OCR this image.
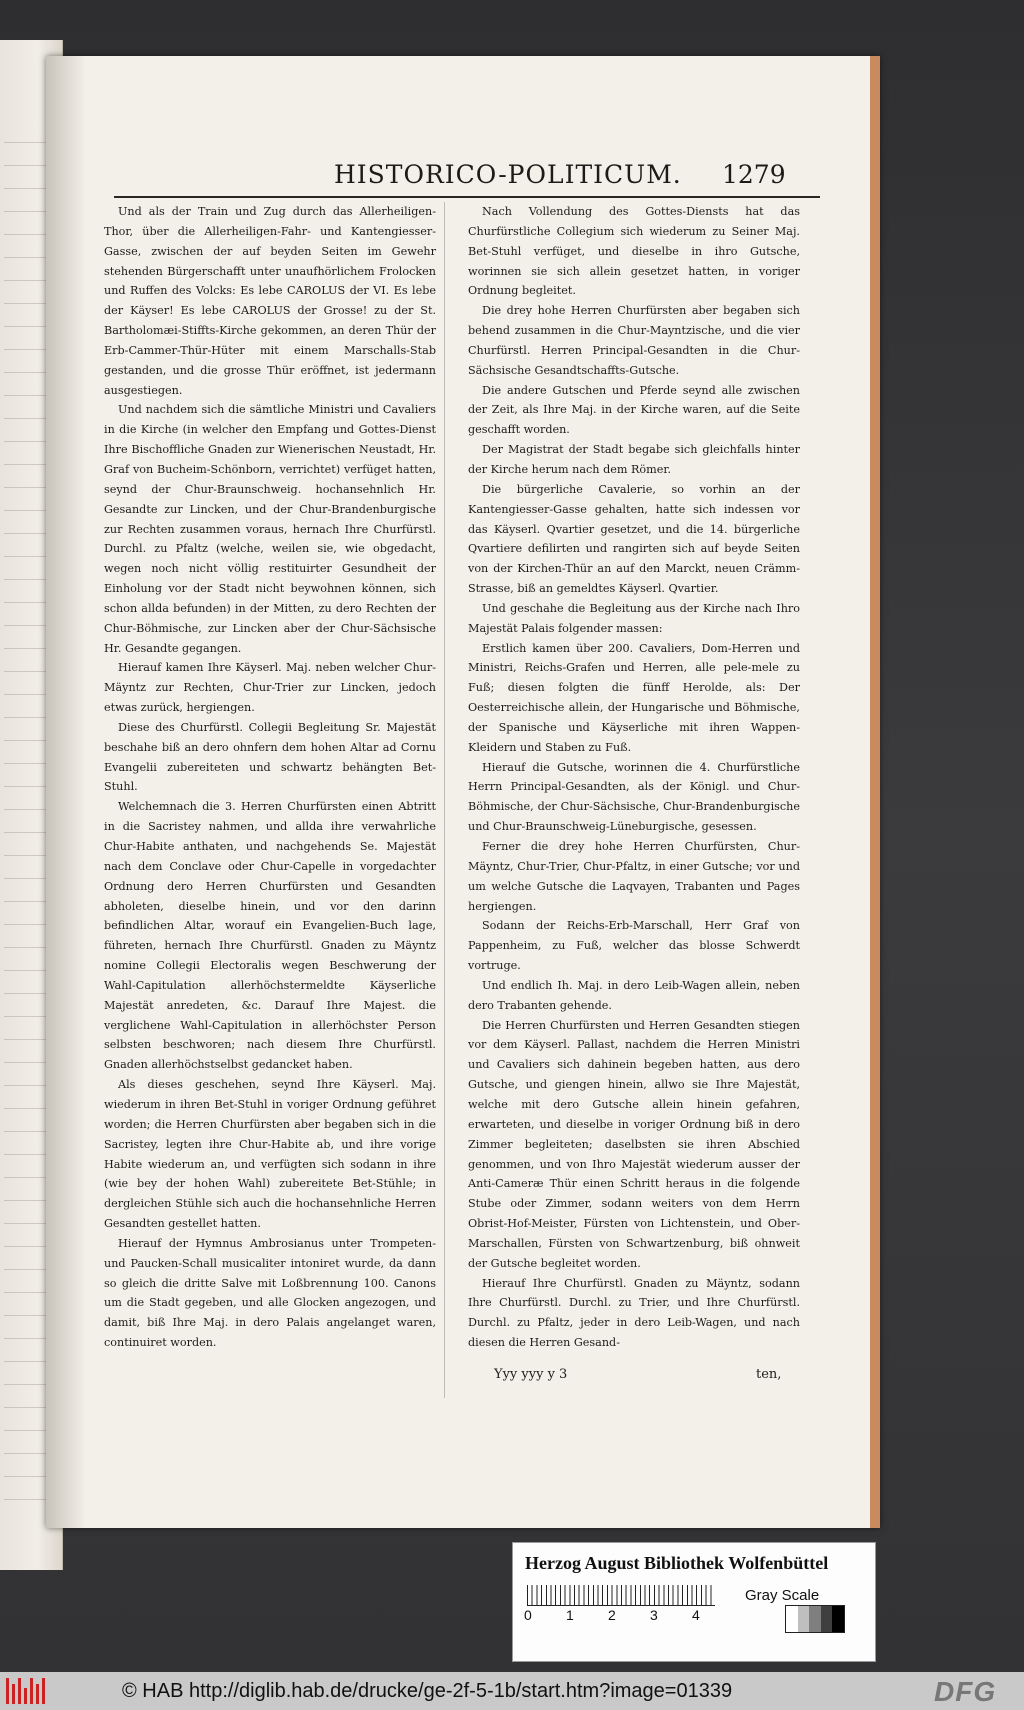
HISTORICO-POLITICUM. 1279

Und als der Train und Zug durch das Allerheiligen-Thor, über die Allerheiligen-Fahr- und Kantengiesser-Gasse, zwischen der auf beyden Seiten im Gewehr stehenden Bürgerschafft unter unaufhörlichem Frolocken und Ruffen des Volcks: Es lebe CAROLUS der VI. Es lebe der Käyser! Es lebe CAROLUS der Grosse! zu der St. Bartholomæi-Stiffts-Kirche gekommen, an deren Thür der Erb-Cammer-Thür-Hüter mit einem Marschalls-Stab gestanden, und die grosse Thür eröffnet, ist jedermann ausgestiegen.

Und nachdem sich die sämtliche Ministri und Cavaliers in die Kirche (in welcher den Empfang und Gottes-Dienst Ihre Bischoffliche Gnaden zur Wienerischen Neustadt, Hr. Graf von Bucheim-Schönborn, verrichtet) verfüget hatten, seynd der Chur-Braunschweig. hochansehnlich Hr. Gesandte zur Lincken, und der Chur-Brandenburgische zur Rechten zusammen voraus, hernach Ihre Churfürstl. Durchl. zu Pfaltz (welche, weilen sie, wie obgedacht, wegen noch nicht völlig restituirter Gesundheit der Einholung vor der Stadt nicht beywohnen können, sich schon allda befunden) in der Mitten, zu dero Rechten der Chur-Böhmische, zur Lincken aber der Chur-Sächsische Hr. Gesandte gegangen.

Hierauf kamen Ihre Käyserl. Maj. neben welcher Chur-Mäyntz zur Rechten, Chur-Trier zur Lincken, jedoch etwas zurück, hergiengen.

Diese des Churfürstl. Collegii Begleitung Sr. Majestät beschahe biß an dero ohnfern dem hohen Altar ad Cornu Evangelii zubereiteten und schwartz behängten Bet-Stuhl.

Welchemnach die 3. Herren Churfürsten einen Abtritt in die Sacristey nahmen, und allda ihre verwahrliche Chur-Habite anthaten, und nachgehends Se. Majestät nach dem Conclave oder Chur-Capelle in vorgedachter Ordnung dero Herren Churfürsten und Gesandten abholeten, dieselbe hinein, und vor den darinn befindlichen Altar, worauf ein Evangelien-Buch lage, führeten, hernach Ihre Churfürstl. Gnaden zu Mäyntz nomine Collegii Electoralis wegen Beschwerung der Wahl-Capitulation allerhöchstermeldte Käyserliche Majestät anredeten, &c. Darauf Ihre Majest. die verglichene Wahl-Capitulation in allerhöchster Person selbsten beschworen; nach diesem Ihre Churfürstl. Gnaden allerhöchstselbst gedancket haben.

Als dieses geschehen, seynd Ihre Käyserl. Maj. wiederum in ihren Bet-Stuhl in voriger Ordnung geführet worden; die Herren Churfürsten aber begaben sich in die Sacristey, legten ihre Chur-Habite ab, und ihre vorige Habite wiederum an, und verfügten sich sodann in ihre (wie bey der hohen Wahl) zubereitete Bet-Stühle; in dergleichen Stühle sich auch die hochansehnliche Herren Gesandten gestellet hatten.

Hierauf der Hymnus Ambrosianus unter Trompeten- und Paucken-Schall musicaliter intoniret wurde, da dann so gleich die dritte Salve mit Loßbrennung 100. Canons um die Stadt gegeben, und alle Glocken angezogen, und damit, biß Ihre Maj. in dero Palais angelanget waren, continuiret worden.

Nach Vollendung des Gottes-Diensts hat das Churfürstliche Collegium sich wiederum zu Seiner Maj. Bet-Stuhl verfüget, und dieselbe in ihro Gutsche, worinnen sie sich allein gesetzet hatten, in voriger Ordnung begleitet.

Die drey hohe Herren Churfürsten aber begaben sich behend zusammen in die Chur-Mayntzische, und die vier Churfürstl. Herren Principal-Gesandten in die Chur-Sächsische Gesandtschaffts-Gutsche.

Die andere Gutschen und Pferde seynd alle zwischen der Zeit, als Ihre Maj. in der Kirche waren, auf die Seite geschafft worden.

Der Magistrat der Stadt begabe sich gleichfalls hinter der Kirche herum nach dem Römer.

Die bürgerliche Cavalerie, so vorhin an der Kantengiesser-Gasse gehalten, hatte sich indessen vor das Käyserl. Qvartier gesetzet, und die 14. bürgerliche Qvartiere defilirten und rangirten sich auf beyde Seiten von der Kirchen-Thür an auf den Marckt, neuen Crämm-Strasse, biß an gemeldtes Käyserl. Qvartier.

Und geschahe die Begleitung aus der Kirche nach Ihro Majestät Palais folgender massen:

Erstlich kamen über 200. Cavaliers, Dom-Herren und Ministri, Reichs-Grafen und Herren, alle pele-mele zu Fuß; diesen folgten die fünff Herolde, als: Der Oesterreichische allein, der Hungarische und Böhmische, der Spanische und Käyserliche mit ihren Wappen-Kleidern und Staben zu Fuß.

Hierauf die Gutsche, worinnen die 4. Churfürstliche Herrn Principal-Gesandten, als der Königl. und Chur-Böhmische, der Chur-Sächsische, Chur-Brandenburgische und Chur-Braunschweig-Lüneburgische, gesessen.

Ferner die drey hohe Herren Churfürsten, Chur-Mäyntz, Chur-Trier, Chur-Pfaltz, in einer Gutsche; vor und um welche Gutsche die Laqvayen, Trabanten und Pages hergiengen.

Sodann der Reichs-Erb-Marschall, Herr Graf von Pappenheim, zu Fuß, welcher das blosse Schwerdt vortruge.

Und endlich Ih. Maj. in dero Leib-Wagen allein, neben dero Trabanten gehende.

Die Herren Churfürsten und Herren Gesandten stiegen vor dem Käyserl. Pallast, nachdem die Herren Ministri und Cavaliers sich dahinein begeben hatten, aus dero Gutsche, und giengen hinein, allwo sie Ihre Majestät, welche mit dero Gutsche allein hinein gefahren, erwarteten, und dieselbe in voriger Ordnung biß in dero Zimmer begleiteten; daselbsten sie ihren Abschied genommen, und von Ihro Majestät wiederum ausser der Anti-Cameræ Thür einen Schritt heraus in die folgende Stube oder Zimmer, sodann weiters von dem Herrn Obrist-Hof-Meister, Fürsten von Lichtenstein, und Ober-Marschallen, Fürsten von Schwartzenburg, biß ohnweit der Gutsche begleitet worden.

Hierauf Ihre Churfürstl. Gnaden zu Mäyntz, sodann Ihre Churfürstl. Durchl. zu Trier, und Ihre Churfürstl. Durchl. zu Pfaltz, jeder in dero Leib-Wagen, und nach diesen die Herren Gesand-

Yyy yyy y 3	ten,
Herzog August Bibliothek Wolfenbüttel
0 1 2 3 4
Gray Scale
© HAB http://diglib.hab.de/drucke/ge-2f-5-1b/start.htm?image=01339	DFG
